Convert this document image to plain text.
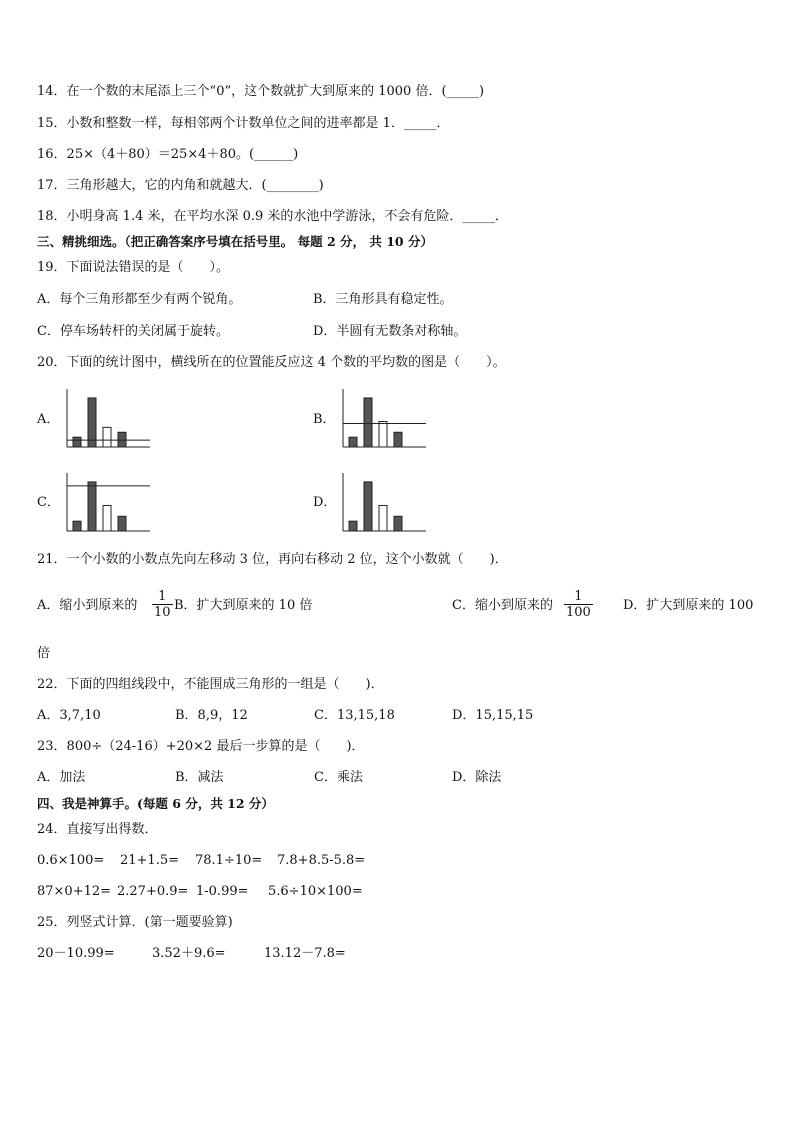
14．在一个数的末尾添上三个“0”，这个数就扩大到原来的 1000 倍．(_____)
15．小数和整数一样，每相邻两个计数单位之间的进率都是 1．_____．
16．25×（4＋80）＝25×4＋80。(______)
17．三角形越大，它的内角和就越大．(________)
18．小明身高 1.4 米，在平均水深 0.9 米的水池中学游泳，不会有危险．_____．
三、精挑细选。（把正确答案序号填在括号里。 每题 2 分， 共 10 分）
19．下面说法错误的是（　　）。
A．每个三角形都至少有两个锐角。	B．三角形具有稳定性。
C．停车场转杆的关闭属于旋转。	D．半圆有无数条对称轴。
20．下面的统计图中，横线所在的位置能反应这 4 个数的平均数的图是（　　）。
A．	B．
C．	D．
21．一个小数的小数点先向左移动 3 位，再向右移动 2 位，这个小数就（　　)．
A．缩小到原来的 $\frac{1}{10}$ B．扩大到原来的 10 倍	C．缩小到原来的 $\frac{1}{100}$ D．扩大到原来的 100
倍
22．下面的四组线段中，不能围成三角形的一组是（　　)．
A．3,7,10	B．8,9，12	C．13,15,18	D．15,15,15
23．800÷（24-16）+20×2 最后一步算的是（　　)．
A．加法	B．减法	C．乘法	D．除法
四、我是神算手。(每题 6 分，共 12 分）
24．直接写出得数．
0.6×100= 21+1.5= 78.1÷10= 7.8+8.5-5.8=
87×0+12= 2.27+0.9= 1-0.99= 5.6÷10×100=
25．列竖式计算．(第一题要验算)
20－10.99=	3.52＋9.6=	13.12－7.8=
